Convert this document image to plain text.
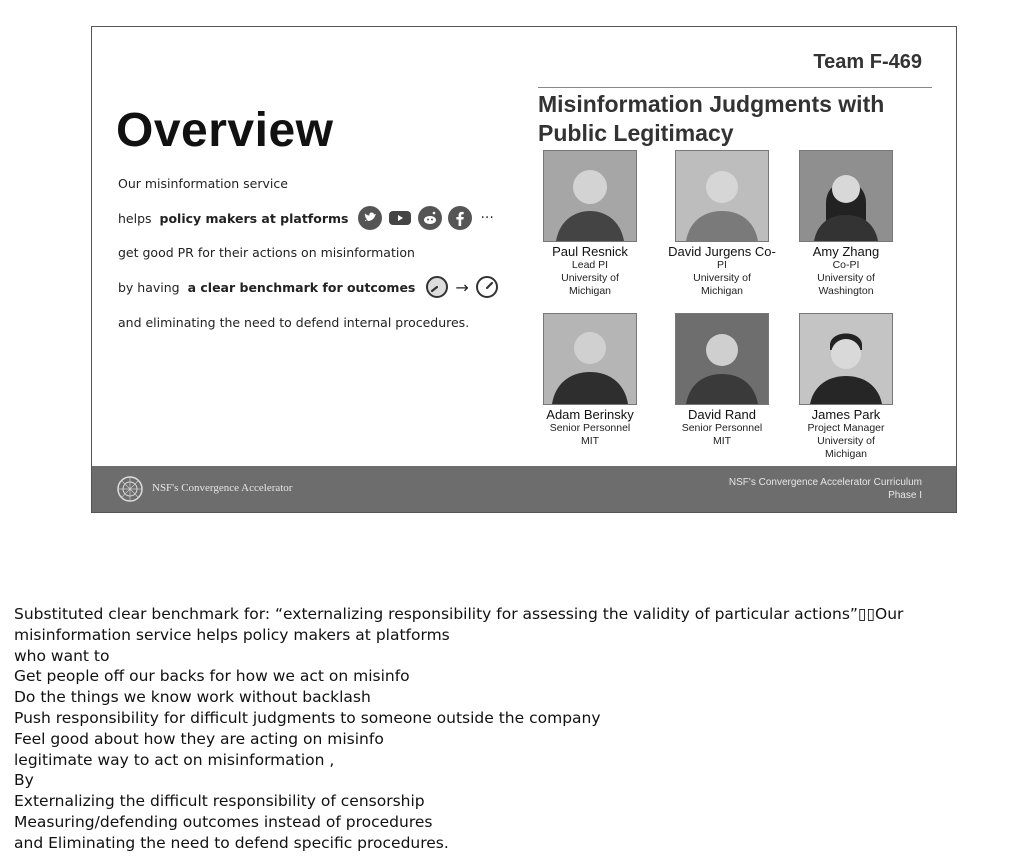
Team F-469
Overview	Misinformation Judgments with Public Legitimacy
Our misinformation service
helps policy makers at platforms	···
get good PR for their actions on misinformation
by having a clear benchmark for outcomes	→
and eliminating the need to defend internal procedures.
Paul Resnick
Lead PI
University of
Michigan
David Jurgens Co-
PI
University of
Michigan
Amy Zhang
Co-PI
University of
Washington
Adam Berinsky
Senior Personnel
MIT
David Rand
Senior Personnel
MIT
James Park
Project Manager
University of
Michigan
NSF's Convergence Accelerator	NSF's Convergence Accelerator Curriculum
Phase I
Substituted clear benchmark for: “externalizing responsibility for assessing the validity of particular actions”▯▯Our
misinformation service helps policy makers at platforms
who want to
Get people off our backs for how we act on misinfo
Do the things we know work without backlash
Push responsibility for difficult judgments to someone outside the company
Feel good about how they are acting on misinfo
legitimate way to act on misinformation ,
By
Externalizing the difficult responsibility of censorship
Measuring/defending outcomes instead of procedures
and Eliminating the need to defend specific procedures.
